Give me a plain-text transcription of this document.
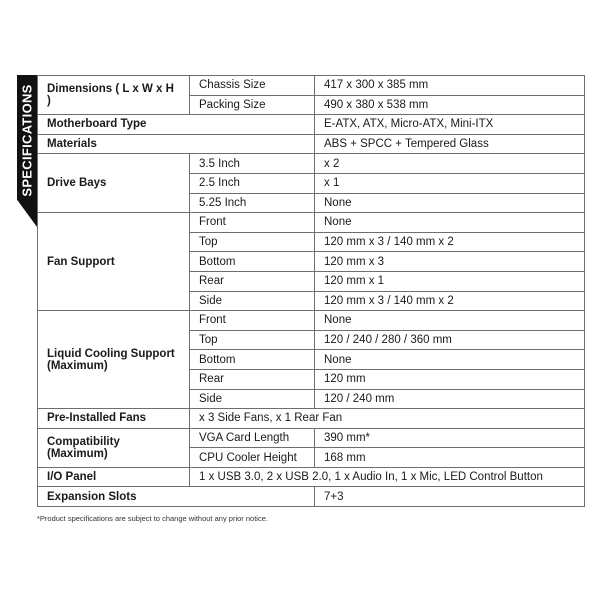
SPECIFICATIONS Dimensions ( L x W x H )	Chassis Size	417 x 300 x 385 mm
	Packing Size	490 x 380 x 538 mm
Motherboard Type		E-ATX, ATX, Micro-ATX, Mini-ITX
Materials		ABS + SPCC + Tempered Glass
Drive Bays	3.5 Inch	x 2
	2.5 Inch	x 1
	5.25 Inch	None
Fan Support	Front	None
	Top	120 mm x 3 / 140 mm x 2
	Bottom	120 mm x 3
	Rear	120 mm x 1
	Side	120 mm x 3 / 140 mm x 2
Liquid Cooling Support (Maximum)	Front	None
	Top	120 / 240 / 280 / 360 mm
	Bottom	None
	Rear	120 mm
	Side	120 / 240 mm
Pre-Installed Fans	x 3 Side Fans, x 1 Rear Fan	
Compatibility (Maximum)	VGA Card Length	390 mm*
	CPU Cooler Height	168 mm
I/O Panel	1 x USB 3.0, 2 x USB 2.0, 1 x Audio In, 1 x Mic, LED Control Button	
Expansion Slots		7+3
*Product specifications are subject to change without any prior notice.
